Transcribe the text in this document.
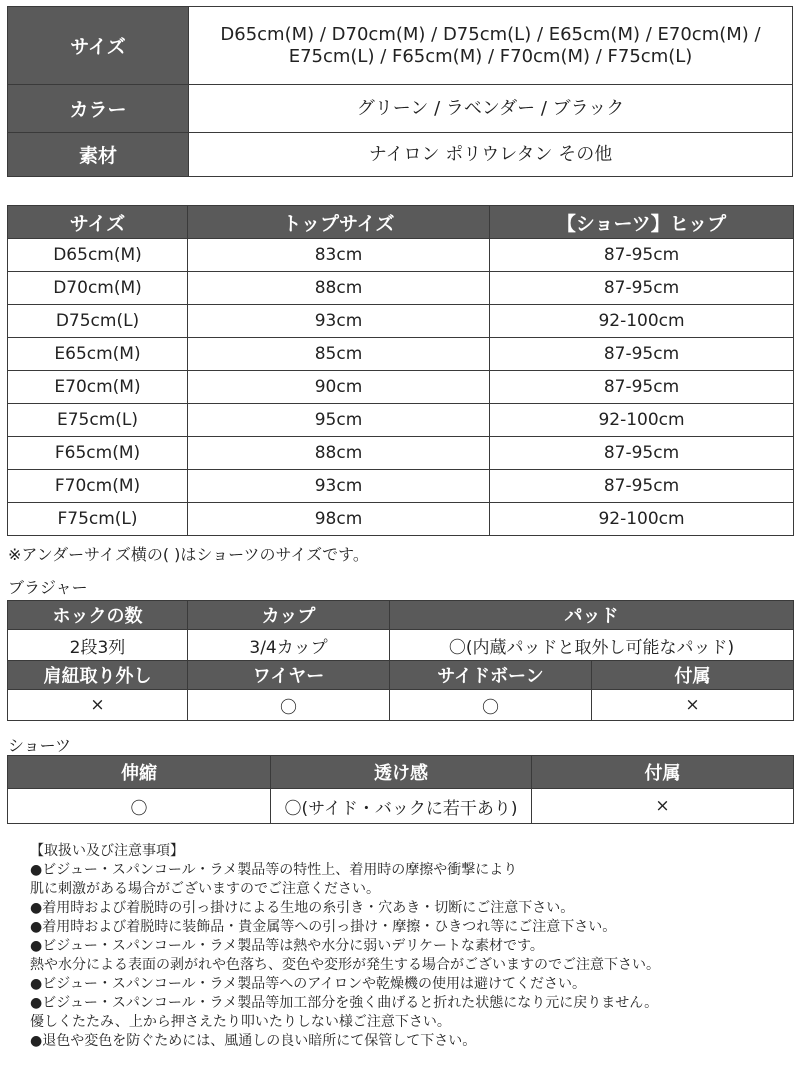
サイズ	D65cm(M) / D70cm(M) / D75cm(L) / E65cm(M) / E70cm(M) /
E75cm(L) / F65cm(M) / F70cm(M) / F75cm(L)

カラー	グリーン / ラベンダー / ブラック
素材	ナイロン ポリウレタン その他
サイズ	トップサイズ	【ショーツ】ヒップ
D65cm(M)	83cm	87-95cm
D70cm(M)	88cm	87-95cm
D75cm(L)	93cm	92-100cm
E65cm(M)	85cm	87-95cm
E70cm(M)	90cm	87-95cm
E75cm(L)	95cm	92-100cm
F65cm(M)	88cm	87-95cm
F70cm(M)	93cm	87-95cm
F75cm(L)	98cm	92-100cm
※アンダーサイズ横の( )はショーツのサイズです。
ブラジャー
ホックの数	カップ	パッド	
2段3列	3/4カップ	〇(内蔵パッドと取外し可能なパッド)	
肩紐取り外し	ワイヤー	サイドボーン	付属
×	〇	〇	×
ショーツ
伸縮	透け感	付属
〇	〇(サイド・バックに若干あり)	×
【取扱い及び注意事項】
●ビジュー・スパンコール・ラメ製品等の特性上、着用時の摩擦や衝撃により
肌に刺激がある場合がございますのでご注意ください。
●着用時および着脱時の引っ掛けによる生地の糸引き・穴あき・切断にご注意下さい。
●着用時および着脱時に装飾品・貴金属等への引っ掛け・摩擦・ひきつれ等にご注意下さい。
●ビジュー・スパンコール・ラメ製品等は熱や水分に弱いデリケートな素材です。
熱や水分による表面の剥がれや色落ち、変色や変形が発生する場合がございますのでご注意下さい。
●ビジュー・スパンコール・ラメ製品等へのアイロンや乾燥機の使用は避けてください。
●ビジュー・スパンコール・ラメ製品等加工部分を強く曲げると折れた状態になり元に戻りません。
優しくたたみ、上から押さえたり叩いたりしない様ご注意下さい。
●退色や変色を防ぐためには、風通しの良い暗所にて保管して下さい。
